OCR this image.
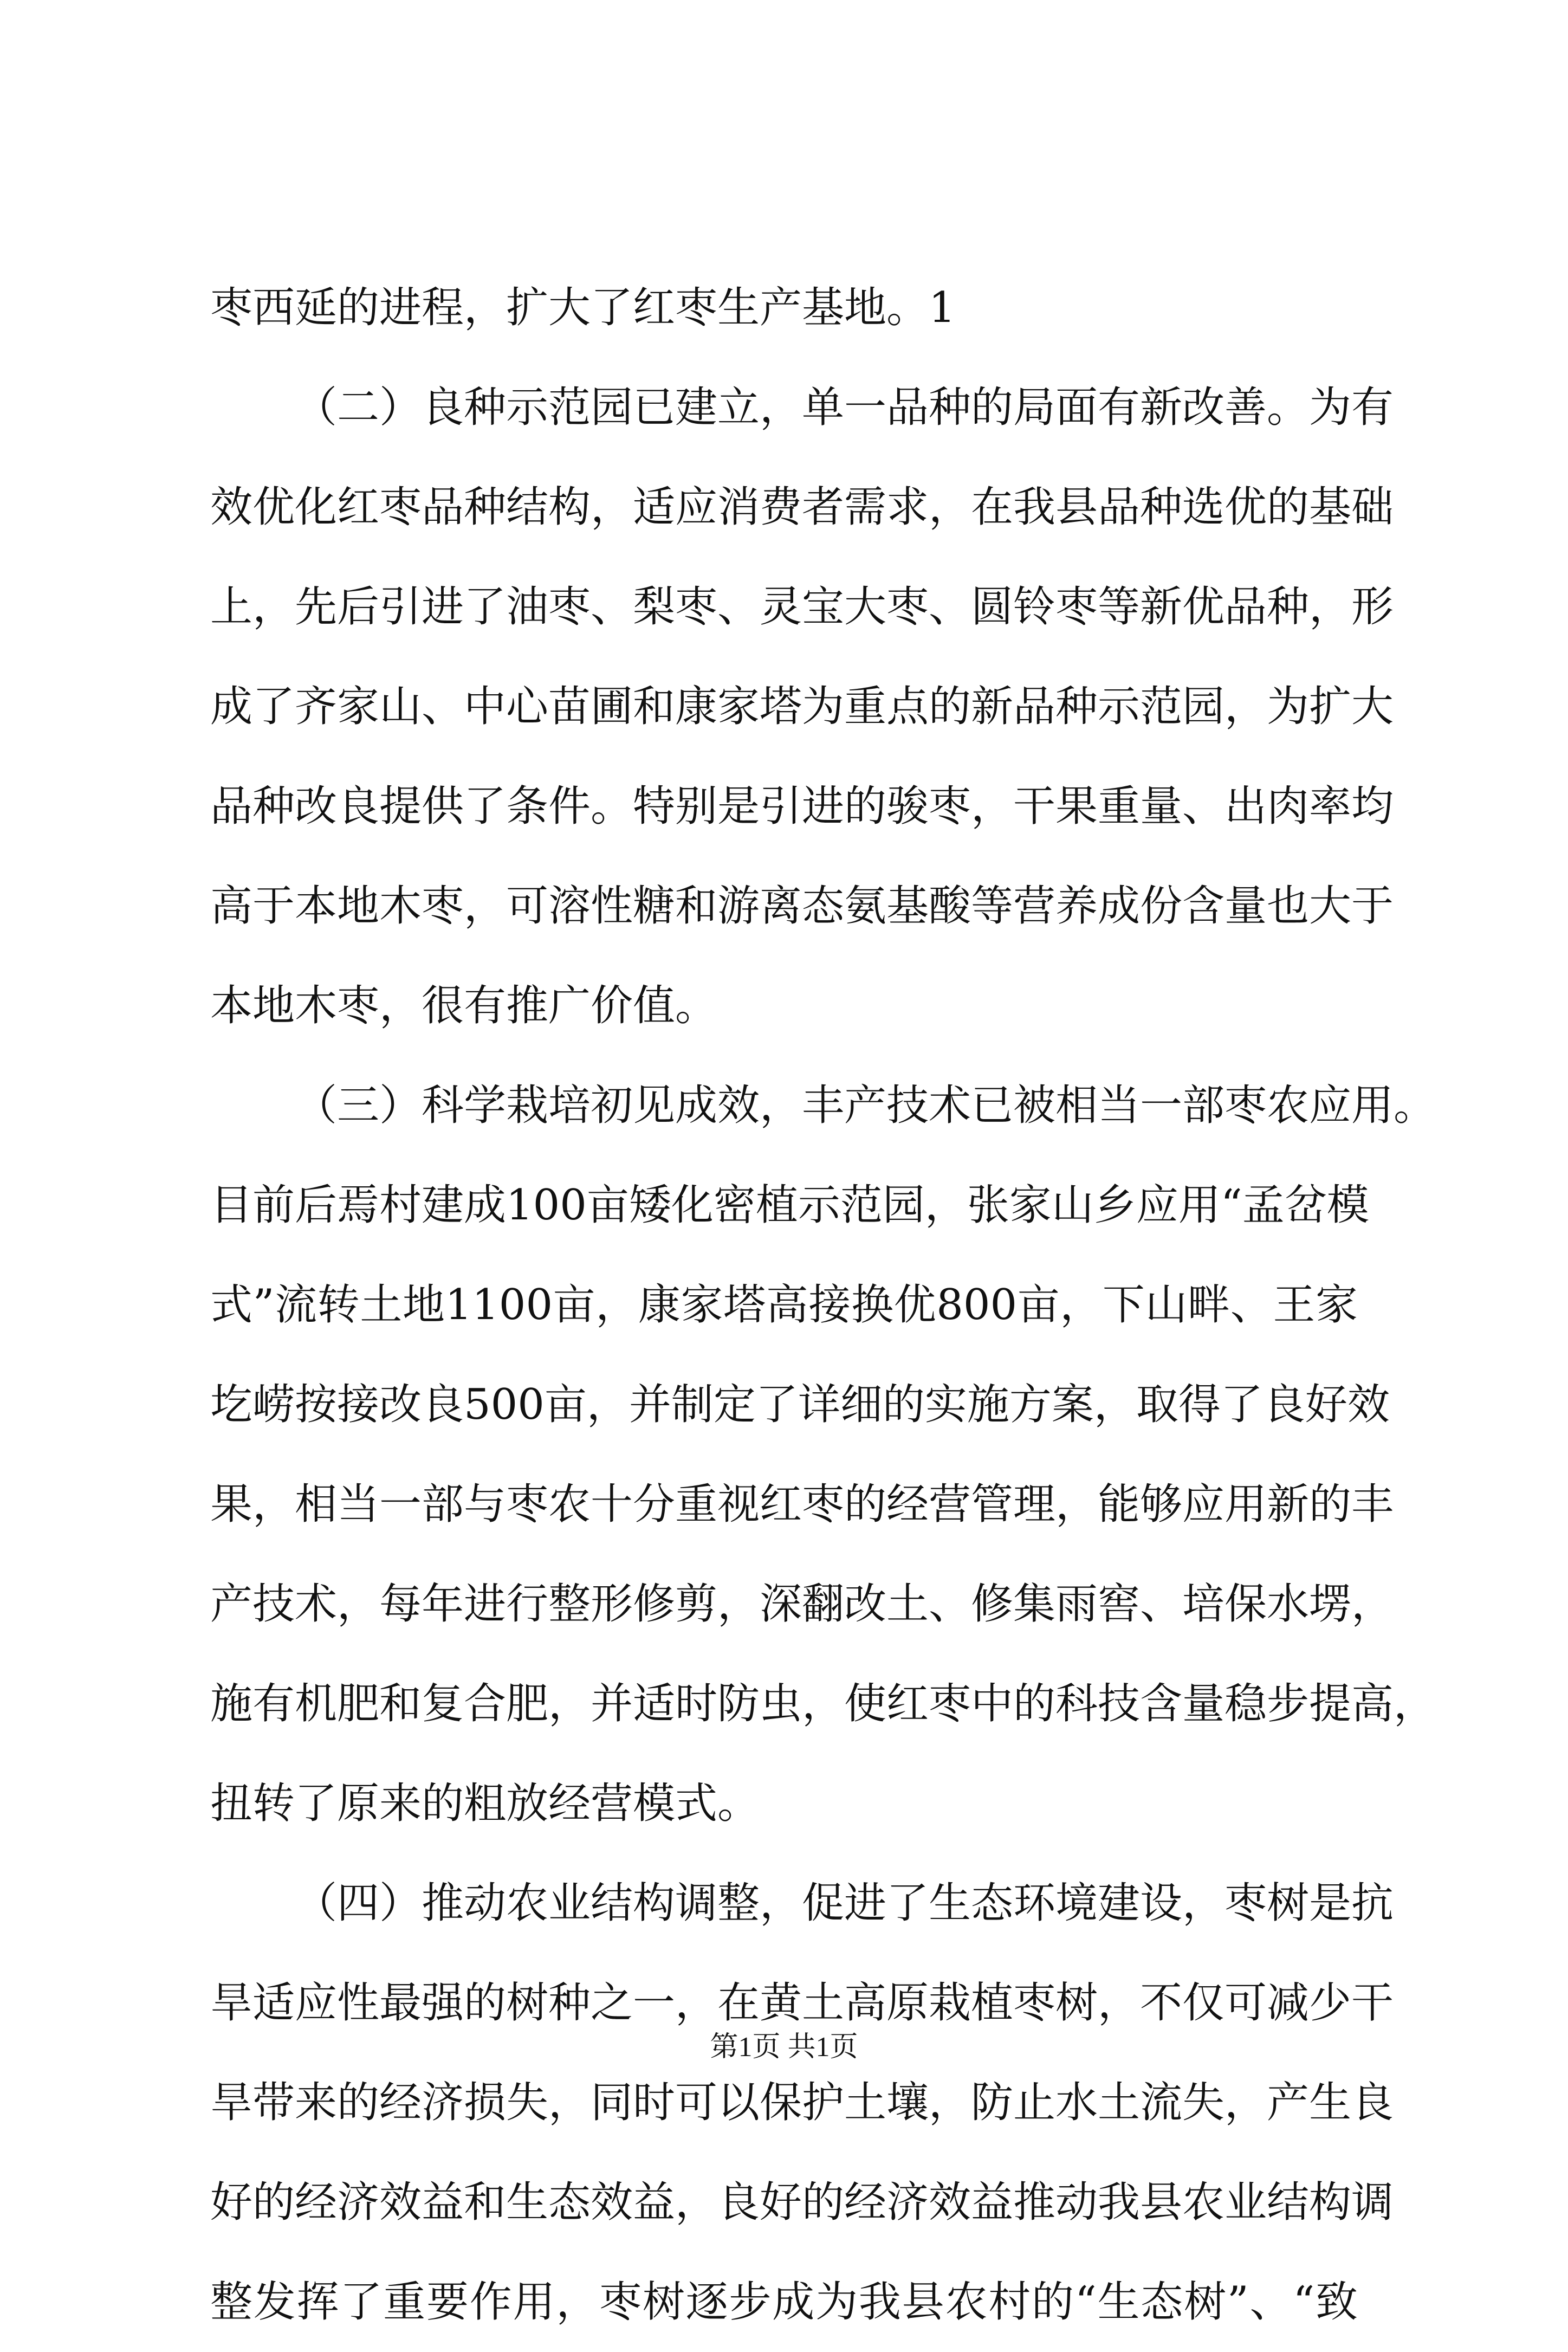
枣西延的进程，扩大了红枣生产基地。1
（二）良种示范园已建立，单一品种的局面有新改善。为有
效优化红枣品种结构，适应消费者需求，在我县品种选优的基础
上，先后引进了油枣、梨枣、灵宝大枣、圆铃枣等新优品种，形
成了齐家山、中心苗圃和康家塔为重点的新品种示范园，为扩大
品种改良提供了条件。特别是引进的骏枣，干果重量、出肉率均
高于本地木枣，可溶性糖和游离态氨基酸等营养成份含量也大于
本地木枣，很有推广价值。
（三）科学栽培初见成效，丰产技术已被相当一部枣农应用。
目前后焉村建成100亩矮化密植示范园，张家山乡应用“孟岔模
式”流转土地1100亩，康家塔高接换优800亩，下山畔、王家
圪崂按接改良500亩，并制定了详细的实施方案，取得了良好效
果，相当一部与枣农十分重视红枣的经营管理，能够应用新的丰
产技术，每年进行整形修剪，深翻改土、修集雨窖、培保水塄，
施有机肥和复合肥，并适时防虫，使红枣中的科技含量稳步提高，
扭转了原来的粗放经营模式。
（四）推动农业结构调整，促进了生态环境建设，枣树是抗
旱适应性最强的树种之一，在黄土高原栽植枣树，不仅可减少干
旱带来的经济损失，同时可以保护土壤，防止水土流失，产生良
好的经济效益和生态效益，良好的经济效益推动我县农业结构调
整发挥了重要作用，枣树逐步成为我县农村的“生态树”、“致
第1页 共1页
